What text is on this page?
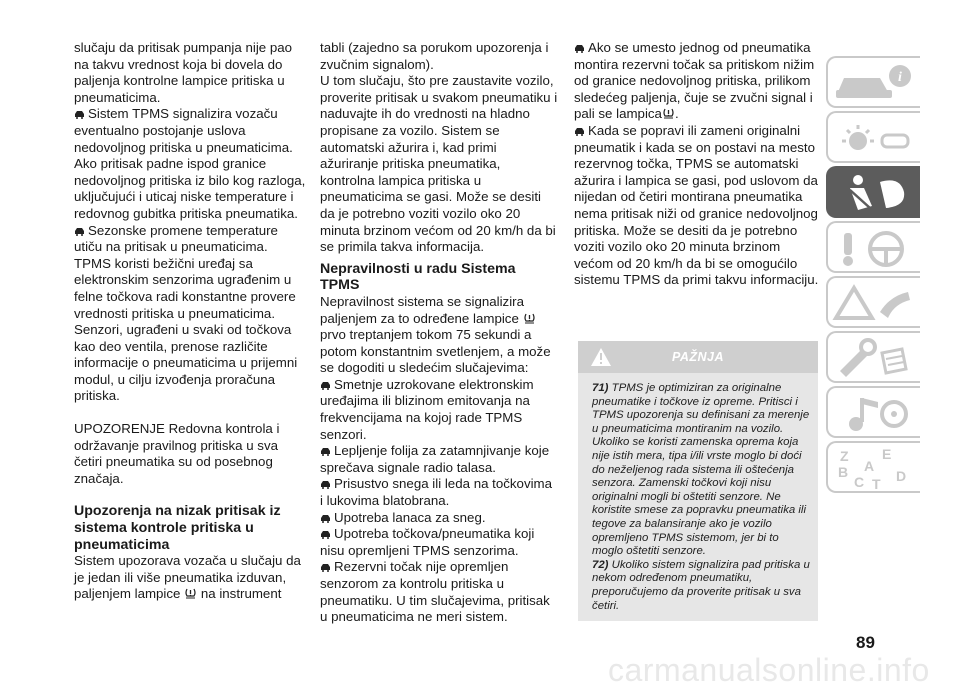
slučaju da pritisak pumpanja nije pao na takvu vrednost koja bi dovela do paljenja kontrolne lampice pritiska u pneumaticima.

Sistem TPMS signalizira vozaču eventualno postojanje uslova nedovoljnog pritiska u pneumaticima. Ako pritisak padne ispod granice nedovoljnog pritiska iz bilo kog razloga, uključujući i uticaj niske temperature i redovnog gubitka pritiska pneumatika.

Sezonske promene temperature utiču na pritisak u pneumaticima.

TPMS koristi bežični uređaj sa elektronskim senzorima ugrađenim u felne točkova radi konstantne provere vrednosti pritiska u pneumaticima. Senzori, ugrađeni u svaki od točkova kao deo ventila, prenose različite informacije o pneumaticima u prijemni modul, u cilju izvođenja proračuna pritiska.

UPOZORENJE Redovna kontrola i održavanje pravilnog pritiska u sva četiri pneumatika su od posebnog značaja.

Upozorenja na nizak pritisak iz sistema kontrole pritiska u pneumaticima

Sistem upozorava vozača u slučaju da je jedan ili više pneumatika izduvan, paljenjem lampice na instrument

tabli (zajedno sa porukom upozorenja i zvučnim signalom).

U tom slučaju, što pre zaustavite vozilo, proverite pritisak u svakom pneumatiku i naduvajte ih do vrednosti na hladno propisane za vozilo. Sistem se automatski ažurira i, kad primi ažuriranje pritiska pneumatika, kontrolna lampica pritiska u pneumaticima se gasi. Može se desiti da je potrebno voziti vozilo oko 20 minuta brzinom većom od 20 km/h da bi se primila takva informacija.

Nepravilnosti u radu Sistema TPMS

Nepravilnost sistema se signalizira paljenjem za to određene lampice  prvo treptanjem tokom 75 sekundi a potom konstantnim svetlenjem, a može se dogoditi u sledećim slučajevima:

Smetnje uzrokovane elektronskim uređajima ili blizinom emitovanja na frekvencijama na kojoj rade TPMS senzori.

Lepljenje folija za zatamnjivanje koje sprečava signale radio talasa.

Prisustvo snega ili leda na točkovima i lukovima blatobrana.

Upotreba lanaca za sneg.

Upotreba točkova/pneumatika koji nisu opremljeni TPMS senzorima.

Rezervni točak nije opremljen senzorom za kontrolu pritiska u pneumatiku. U tim slučajevima, pritisak u pneumaticima ne meri sistem.

Ako se umesto jednog od pneumatika montira rezervni točak sa pritiskom nižim od granice nedovoljnog pritiska, prilikom sledećeg paljenja, čuje se zvučni signal i pali se lampica .

Kada se popravi ili zameni originalni pneumatik i kada se on postavi na mesto rezervnog točka, TPMS se automatski ažurira i lampica se gasi, pod uslovom da nijedan od četiri montirana pneumatika nema pritisak niži od granice nedovoljnog pritiska. Može se desiti da je potrebno voziti vozilo oko 20 minuta brzinom većom od 20 km/h da bi se omogućilo sistemu TPMS da primi takvu informaciju.

PAŽNJA

71) TPMS je optimiziran za originalne pneumatike i točkove iz opreme. Pritisci i TPMS upozorenja su definisani za merenje u pneumaticima montiranim na vozilo. Ukoliko se koristi zamenska oprema koja nije istih mera, tipa i/ili vrste moglo bi doći do neželjenog rada sistema ili oštećenja senzora. Zamenski točkovi koji nisu originalni mogli bi oštetiti senzore. Ne koristite smese za popravku pneumatika ili tegove za balansiranje ako je vozilo opremljeno TPMS sistemom, jer bi to moglo oštetiti senzore.

72) Ukoliko sistem signalizira pad pritiska u nekom određenom pneumatiku, preporučujemo da proverite pritisak u sva četiri.

i
Z E
A
B
C D
T
89
carmanualsonline.info
